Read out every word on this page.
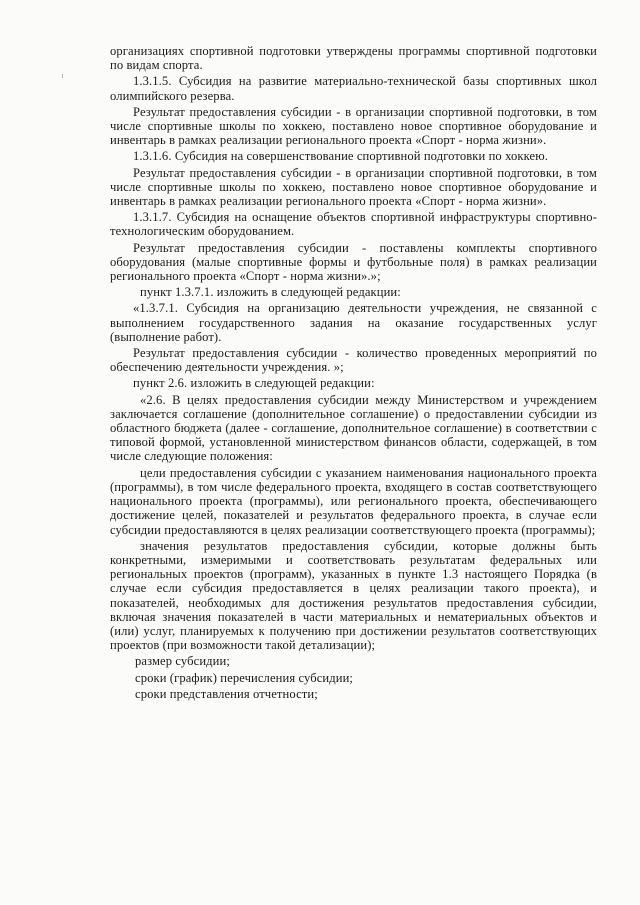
организациях спортивной подготовки утверждены программы спортивной подготовки по видам спорта.

1.3.1.5. Субсидия на развитие материально-технической базы спортивных школ олимпийского резерва.

Результат предоставления субсидии - в организации спортивной подготовки, в том числе спортивные школы по хоккею, поставлено новое спортивное оборудование и инвентарь в рамках реализации регионального проекта «Спорт - норма жизни».

1.3.1.6. Субсидия на совершенствование спортивной подготовки по хоккею.

Результат предоставления субсидии - в организации спортивной подготовки, в том числе спортивные школы по хоккею, поставлено новое спортивное оборудование и инвентарь в рамках реализации регионального проекта «Спорт - норма жизни».

1.3.1.7. Субсидия на оснащение объектов спортивной инфраструктуры спортивно-технологическим оборудованием.

Результат предоставления субсидии - поставлены комплекты спортивного оборудования (малые спортивные формы и футбольные поля) в рамках реализации регионального проекта «Спорт - норма жизни».»;

пункт 1.3.7.1. изложить в следующей редакции:

«1.3.7.1. Субсидия на организацию деятельности учреждения, не связанной с выполнением государственного задания на оказание государственных услуг (выполнение работ).

Результат предоставления субсидии - количество проведенных мероприятий по обеспечению деятельности учреждения. »;

пункт 2.6. изложить в следующей редакции:

«2.6. В целях предоставления субсидии между Министерством и учреждением заключается соглашение (дополнительное соглашение) о предоставлении субсидии из областного бюджета (далее - соглашение, дополнительное соглашение) в соответствии с типовой формой, установленной министерством финансов области, содержащей, в том числе следующие положения:

цели предоставления субсидии с указанием наименования национального проекта (программы), в том числе федерального проекта, входящего в состав соответствующего национального проекта (программы), или регионального проекта, обеспечивающего достижение целей, показателей и результатов федерального проекта, в случае если субсидии предоставляются в целях реализации соответствующего проекта (программы);

значения результатов предоставления субсидии, которые должны быть конкретными, измеримыми и соответствовать результатам федеральных или региональных проектов (программ), указанных в пункте 1.3 настоящего Порядка (в случае если субсидия предоставляется в целях реализации такого проекта), и показателей, необходимых для достижения результатов предоставления субсидии, включая значения показателей в части материальных и нематериальных объектов и (или) услуг, планируемых к получению при достижении результатов соответствующих проектов (при возможности такой детализации);

размер субсидии;

сроки (график) перечисления субсидии;

сроки представления отчетности;
